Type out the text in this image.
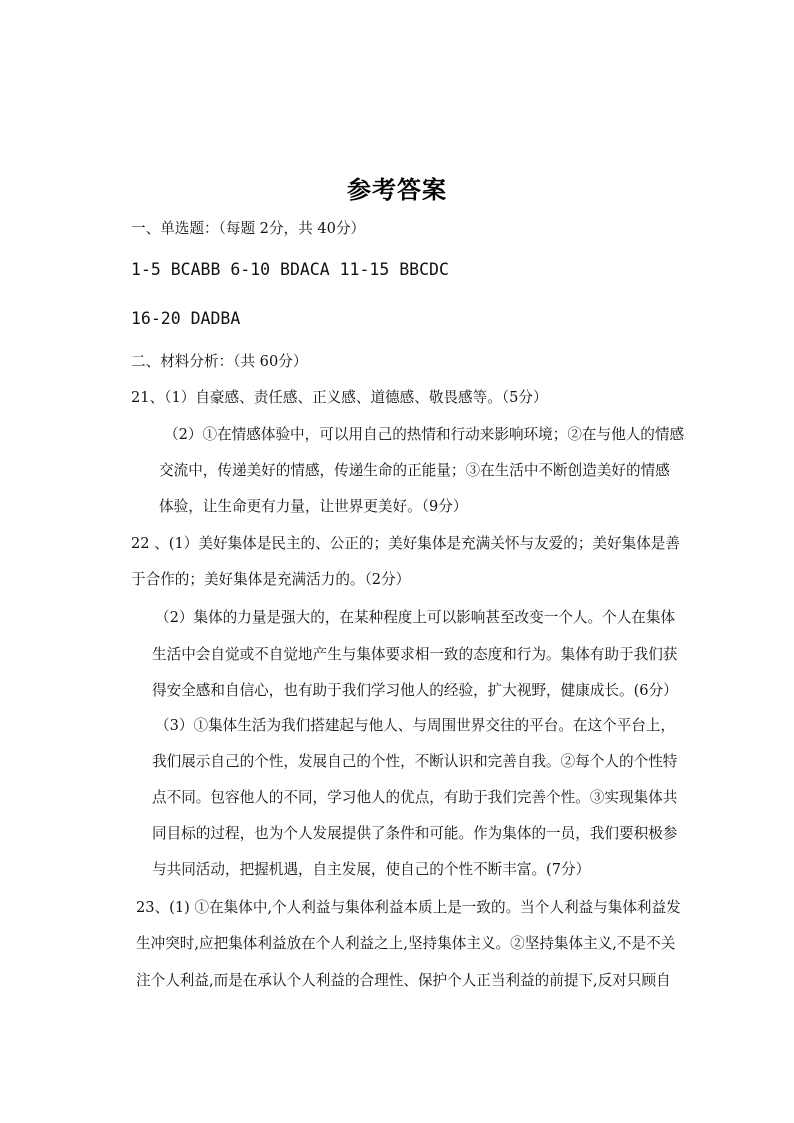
参考答案
一、单选题：（每题 2分，共 40分）
1-5 BCABB 6-10 BDACA 11-15 BBCDC
16-20 DADBA
二、材料分析：（共 60分）
21、（1）自豪感、责任感、正义感、道德感、敬畏感等。（5分）
（2）①在情感体验中，可以用自己的热情和行动来影响环境；②在与他人的情感
交流中，传递美好的情感，传递生命的正能量；③在生活中不断创造美好的情感
体验，让生命更有力量，让世界更美好。（9分）
22 、(1）美好集体是民主的、公正的；美好集体是充满关怀与友爱的；美好集体是善
于合作的；美好集体是充满活力的。（2分）
（2）集体的力量是强大的，在某种程度上可以影响甚至改变一个人。个人在集体
生活中会自觉或不自觉地产生与集体要求相一致的态度和行为。集体有助于我们获
得安全感和自信心，也有助于我们学习他人的经验，扩大视野，健康成长。(6分）
（3）①集体生活为我们搭建起与他人、与周围世界交往的平台。在这个平台上，
我们展示自己的个性，发展自己的个性，不断认识和完善自我。②每个人的个性特
点不同。包容他人的不同，学习他人的优点，有助于我们完善个性。③实现集体共
同目标的过程，也为个人发展提供了条件和可能。作为集体的一员，我们要积极参
与共同活动，把握机遇，自主发展，使自己的个性不断丰富。(7分）
23、(1) ①在集体中,个人利益与集体利益本质上是一致的。当个人利益与集体利益发
生冲突时,应把集体利益放在个人利益之上,坚持集体主义。②坚持集体主义,不是不关
注个人利益,而是在承认个人利益的合理性、保护个人正当利益的前提下,反对只顾自
